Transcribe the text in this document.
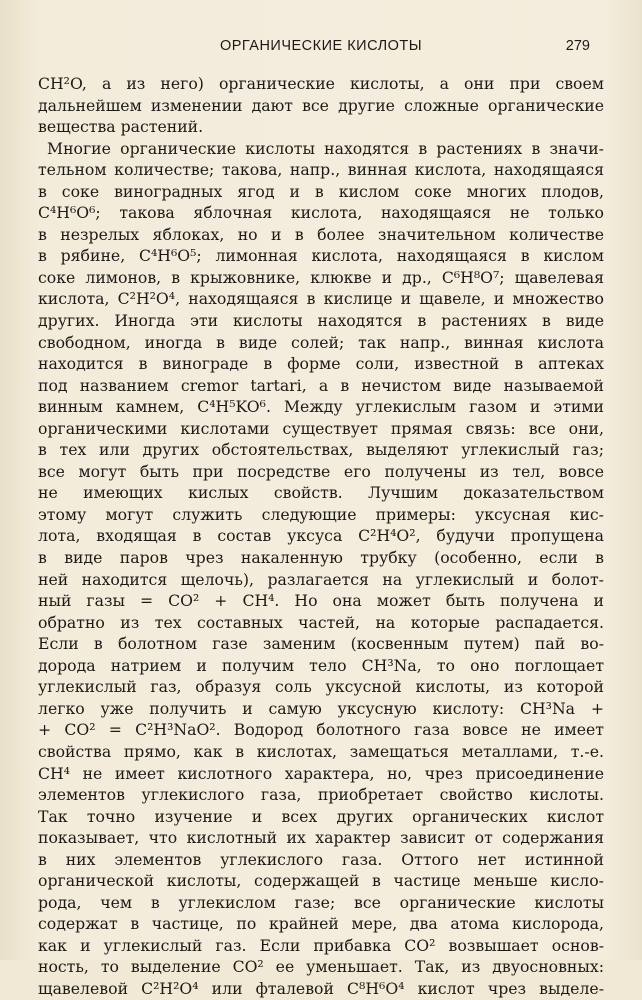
ОРГАНИЧЕСКИЕ КИСЛОТЫ	279
CH²O, а из него) органические кислоты, а они при своем
дальнейшем изменении дают все другие сложные органические
вещества растений.
Многие органические кислоты находятся в растениях в значи-
тельном количестве; такова, напр., винная кислота, находящаяся
в соке виноградных ягод и в кислом соке многих плодов,
C⁴H⁶O⁶; такова яблочная кислота, находящаяся не только
в незрелых яблоках, но и в более значительном количестве
в рябине, C⁴H⁶O⁵; лимонная кислота, находящаяся в кислом
соке лимонов, в крыжовнике, клюкве и др., C⁶H⁸O⁷; щавелевая
кислота, C²H²O⁴, находящаяся в кислице и щавеле, и множество
других. Иногда эти кислоты находятся в растениях в виде
свободном, иногда в виде солей; так напр., винная кислота
находится в винограде в форме соли, известной в аптеках
под названием cremor tartari, а в нечистом виде называемой
винным камнем, C⁴H⁵KO⁶. Между углекислым газом и этими
органическими кислотами существует прямая связь: все они,
в тех или других обстоятельствах, выделяют углекислый газ;
все могут быть при посредстве его получены из тел, вовсе
не имеющих кислых свойств. Лучшим доказательством
этому могут служить следующие примеры: уксусная кис-
лота, входящая в состав уксуса C²H⁴O², будучи пропущена
в виде паров чрез накаленную трубку (особенно, если в
ней находится щелочь), разлагается на углекислый и болот-
ный газы = CO² + CH⁴. Но она может быть получена и
обратно из тех составных частей, на которые распадается.
Если в болотном газе заменим (косвенным путем) пай во-
дорода натрием и получим тело CH³Na, то оно поглощает
углекислый газ, образуя соль уксусной кислоты, из которой
легко уже получить и самую уксусную кислоту: CH³Na +
+ CO² = C²H³NaO². Водород болотного газа вовсе не имеет
свойства прямо, как в кислотах, замещаться металлами, т.-е.
CH⁴ не имеет кислотного характера, но, чрез присоединение
элементов углекислого газа, приобретает свойство кислоты.
Так точно изучение и всех других органических кислот
показывает, что кислотный их характер зависит от содержания
в них элементов углекислого газа. Оттого нет истинной
органической кислоты, содержащей в частице меньше кисло-
рода, чем в углекислом газе; все органические кислоты
содержат в частице, по крайней мере, два атома кислорода,
как и углекислый газ. Если прибавка CO² возвышает основ-
ность, то выделение CO² ее уменьшает. Так, из двуосновных:
щавелевой C²H²O⁴ или фталевой C⁸H⁶O⁴ кислот чрез выделе-
